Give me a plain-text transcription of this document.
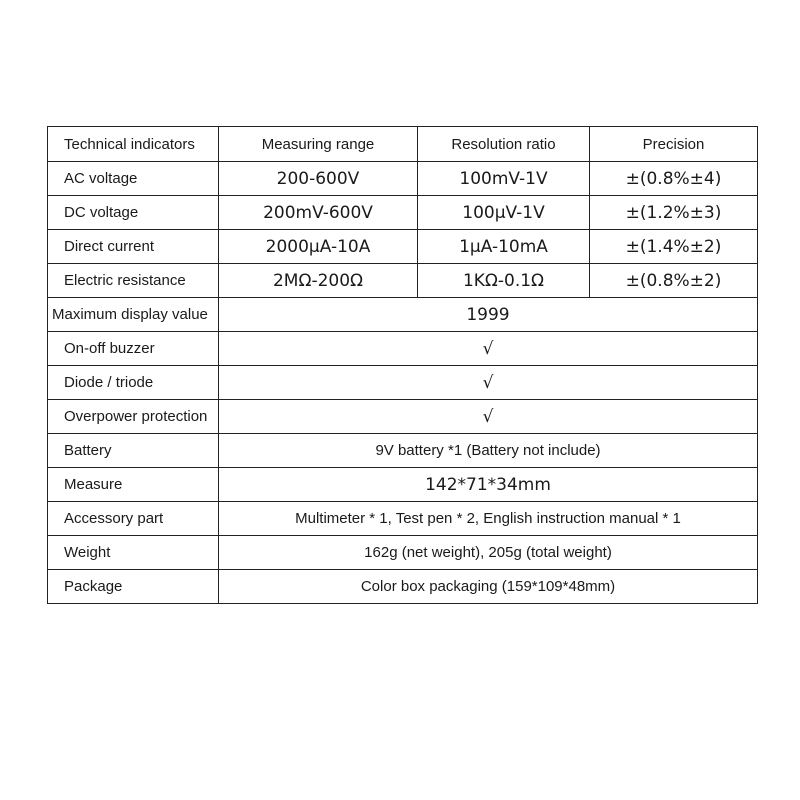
Technical indicators	Measuring range	Resolution ratio	Precision
AC voltage	200-600V	100mV-1V	±(0.8%±4)
DC voltage	200mV-600V	100μV-1V	±(1.2%±3)
Direct current	2000μA-10A	1μA-10mA	±(1.4%±2)
Electric resistance	2MΩ-200Ω	1KΩ-0.1Ω	±(0.8%±2)
Maximum display value	1999		
On-off buzzer	√		
Diode / triode	√		
Overpower protection	√		
Battery	9V battery *1 (Battery not include)		
Measure	142*71*34mm		
Accessory part	Multimeter * 1, Test pen * 2, English instruction manual * 1		
Weight	162g (net weight), 205g (total weight)		
Package	Color box packaging (159*109*48mm)		
